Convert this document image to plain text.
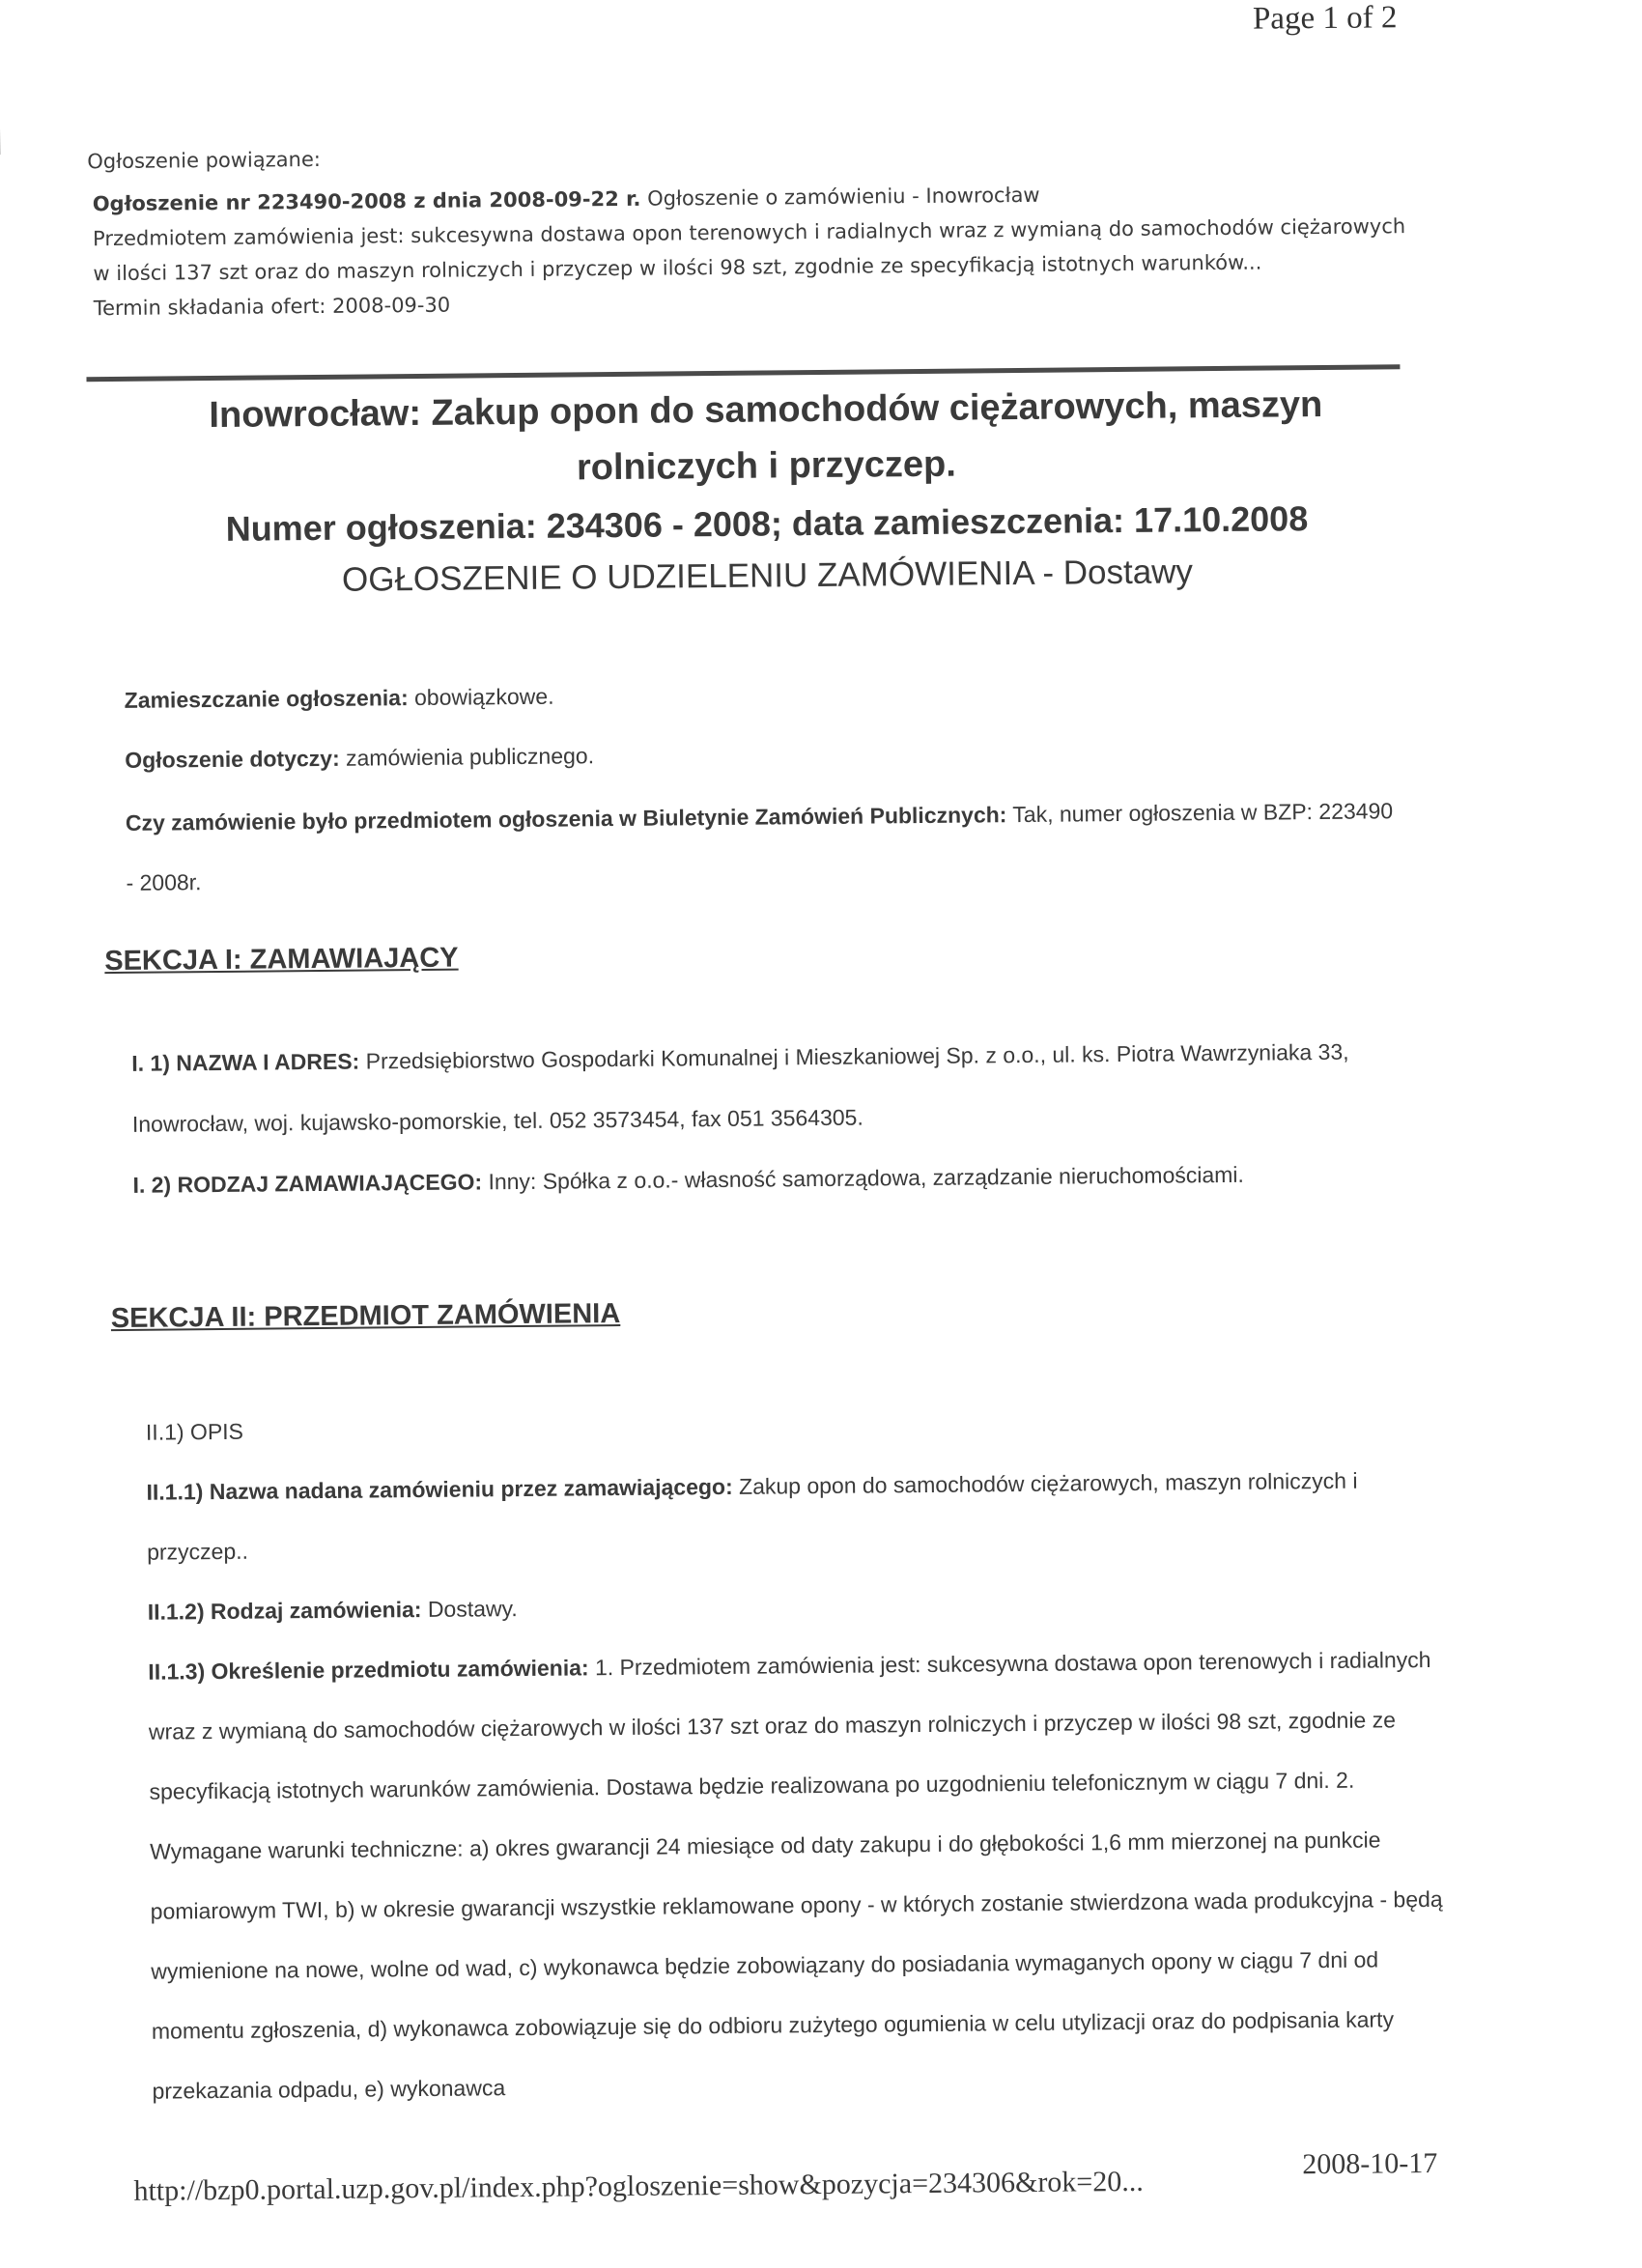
Page 1 of 2
Ogłoszenie powiązane:
Ogłoszenie nr 223490-2008 z dnia 2008-09-22 r. Ogłoszenie o zamówieniu - Inowrocław
Przedmiotem zamówienia jest: sukcesywna dostawa opon terenowych i radialnych wraz z wymianą do samochodów ciężarowych w ilości 137 szt oraz do maszyn rolniczych i przyczep w ilości 98 szt, zgodnie ze specyfikacją istotnych warunków...
Termin składania ofert: 2008-09-30
Inowrocław: Zakup opon do samochodów ciężarowych, maszyn rolniczych i przyczep.
Numer ogłoszenia: 234306 - 2008; data zamieszczenia: 17.10.2008
OGŁOSZENIE O UDZIELENIU ZAMÓWIENIA - Dostawy

Zamieszczanie ogłoszenia: obowiązkowe.

Ogłoszenie dotyczy: zamówienia publicznego.

Czy zamówienie było przedmiotem ogłoszenia w Biuletynie Zamówień Publicznych: Tak, numer ogłoszenia w BZP: 223490 - 2008r.

SEKCJA I: ZAMAWIAJĄCY
I. 1) NAZWA I ADRES: Przedsiębiorstwo Gospodarki Komunalnej i Mieszkaniowej Sp. z o.o., ul. ks. Piotra Wawrzyniaka 33, Inowrocław, woj. kujawsko-pomorskie, tel. 052 3573454, fax 051 3564305.
I. 2) RODZAJ ZAMAWIAJĄCEGO: Inny: Spółka z o.o.- własność samorządowa, zarządzanie nieruchomościami.
SEKCJA II: PRZEDMIOT ZAMÓWIENIA
II.1) OPIS
II.1.1) Nazwa nadana zamówieniu przez zamawiającego: Zakup opon do samochodów ciężarowych, maszyn rolniczych i przyczep..
II.1.2) Rodzaj zamówienia: Dostawy.
II.1.3) Określenie przedmiotu zamówienia: 1. Przedmiotem zamówienia jest: sukcesywna dostawa opon terenowych i radialnych wraz z wymianą do samochodów ciężarowych w ilości 137 szt oraz do maszyn rolniczych i przyczep w ilości 98 szt, zgodnie ze specyfikacją istotnych warunków zamówienia. Dostawa będzie realizowana po uzgodnieniu telefonicznym w ciągu 7 dni. 2. Wymagane warunki techniczne: a) okres gwarancji 24 miesiące od daty zakupu i do głębokości 1,6 mm mierzonej na punkcie pomiarowym TWI, b) w okresie gwarancji wszystkie reklamowane opony - w których zostanie stwierdzona wada produkcyjna - będą wymienione na nowe, wolne od wad, c) wykonawca będzie zobowiązany do posiadania wymaganych opony w ciągu 7 dni od momentu zgłoszenia, d) wykonawca zobowiązuje się do odbioru zużytego ogumienia w celu utylizacji oraz do podpisania karty przekazania odpadu, e) wykonawca
http://bzp0.portal.uzp.gov.pl/index.php?ogloszenie=show&pozycja=234306&rok=20...
2008-10-17
